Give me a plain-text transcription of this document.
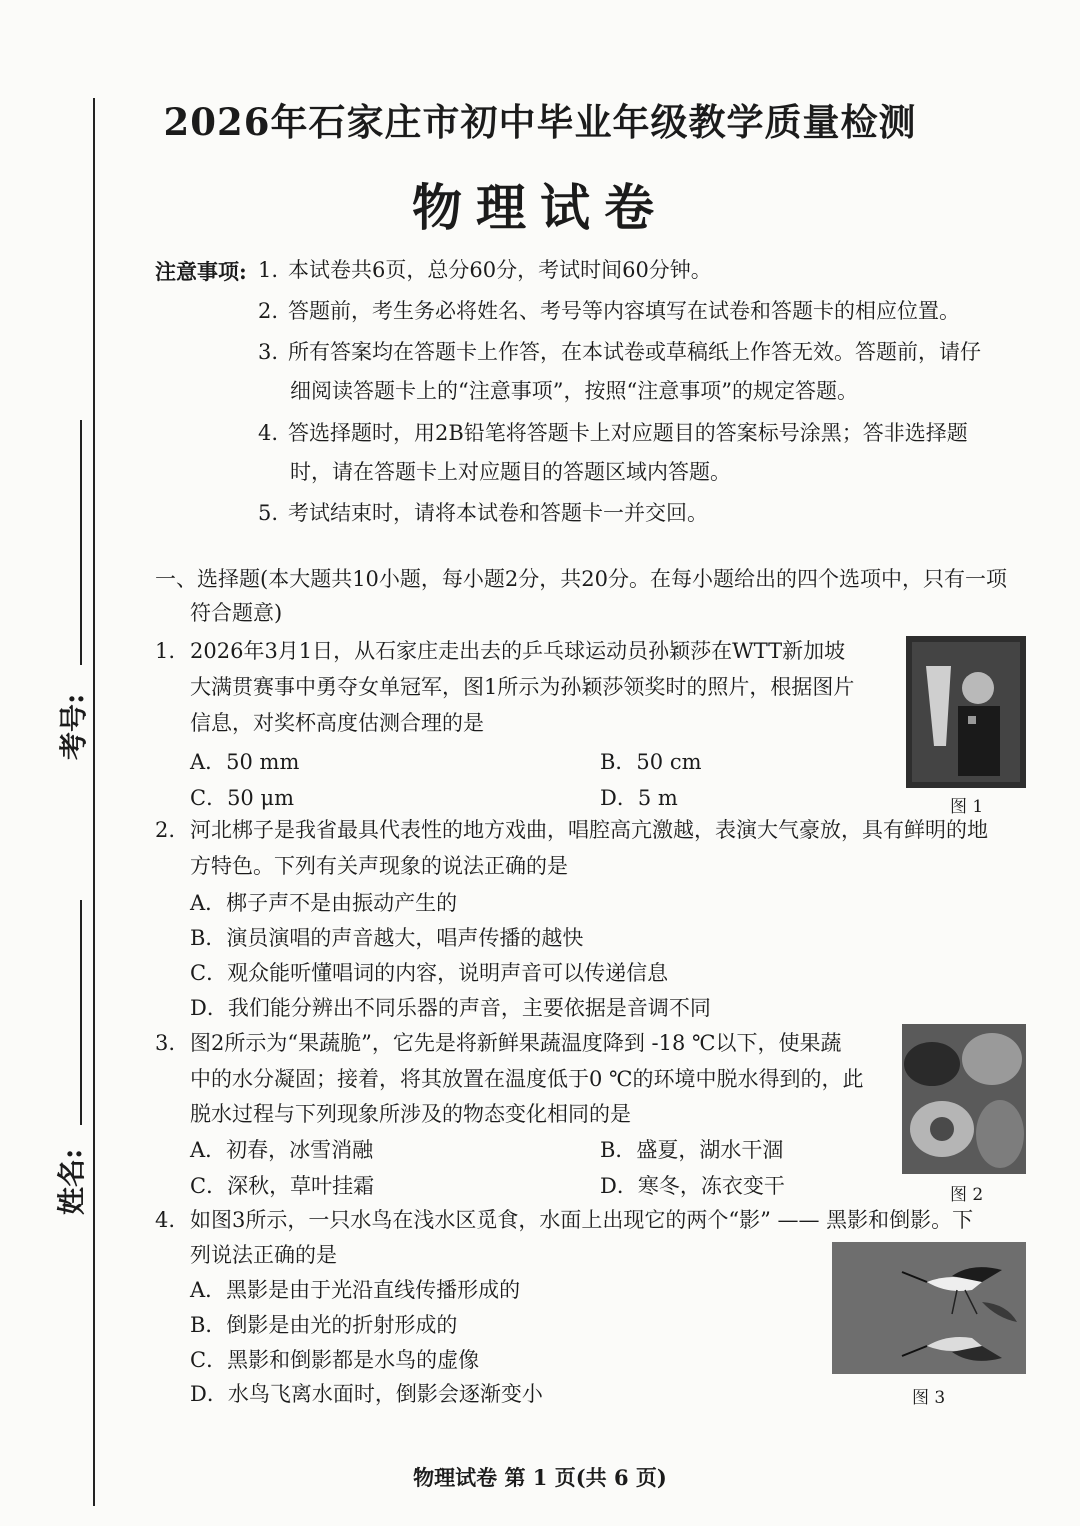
2026年石家庄市初中毕业年级教学质量检测
物理试卷
考号:
姓名:
注意事项: 1. 本试卷共6页，总分60分，考试时间60分钟。
2. 答题前，考生务必将姓名、考号等内容填写在试卷和答题卡的相应位置。
3. 所有答案均在答题卡上作答，在本试卷或草稿纸上作答无效。答题前，请仔
细阅读答题卡上的“注意事项”，按照“注意事项”的规定答题。
4. 答选择题时，用2B铅笔将答题卡上对应题目的答案标号涂黑；答非选择题
时，请在答题卡上对应题目的答题区域内答题。
5. 考试结束时，请将本试卷和答题卡一并交回。
一、选择题(本大题共10小题，每小题2分，共20分。在每小题给出的四个选项中，只有一项
符合题意)
1. 2026年3月1日，从石家庄走出去的乒乓球运动员孙颖莎在WTT新加坡
大满贯赛事中勇夺女单冠军，图1所示为孙颖莎领奖时的照片，根据图片
信息，对奖杯高度估测合理的是
A．50 mm	B．50 cm
C．50 μm	D．5 m	图 1
2. 河北梆子是我省最具代表性的地方戏曲，唱腔高亢激越，表演大气豪放，具有鲜明的地
方特色。下列有关声现象的说法正确的是
A．梆子声不是由振动产生的
B．演员演唱的声音越大，唱声传播的越快
C．观众能听懂唱词的内容，说明声音可以传递信息
D．我们能分辨出不同乐器的声音，主要依据是音调不同
3. 图2所示为“果蔬脆”，它先是将新鲜果蔬温度降到 -18 ℃以下，使果蔬
中的水分凝固；接着，将其放置在温度低于0 ℃的环境中脱水得到的，此
脱水过程与下列现象所涉及的物态变化相同的是
A．初春，冰雪消融	B．盛夏，湖水干涸
C．深秋，草叶挂霜	D．寒冬，冻衣变干	图 2
4. 如图3所示，一只水鸟在浅水区觅食，水面上出现它的两个“影” —— 黑影和倒影。下
列说法正确的是
A．黑影是由于光沿直线传播形成的
B．倒影是由光的折射形成的
C．黑影和倒影都是水鸟的虚像
D．水鸟飞离水面时，倒影会逐渐变小	图 3
物理试卷 第 1 页(共 6 页)
